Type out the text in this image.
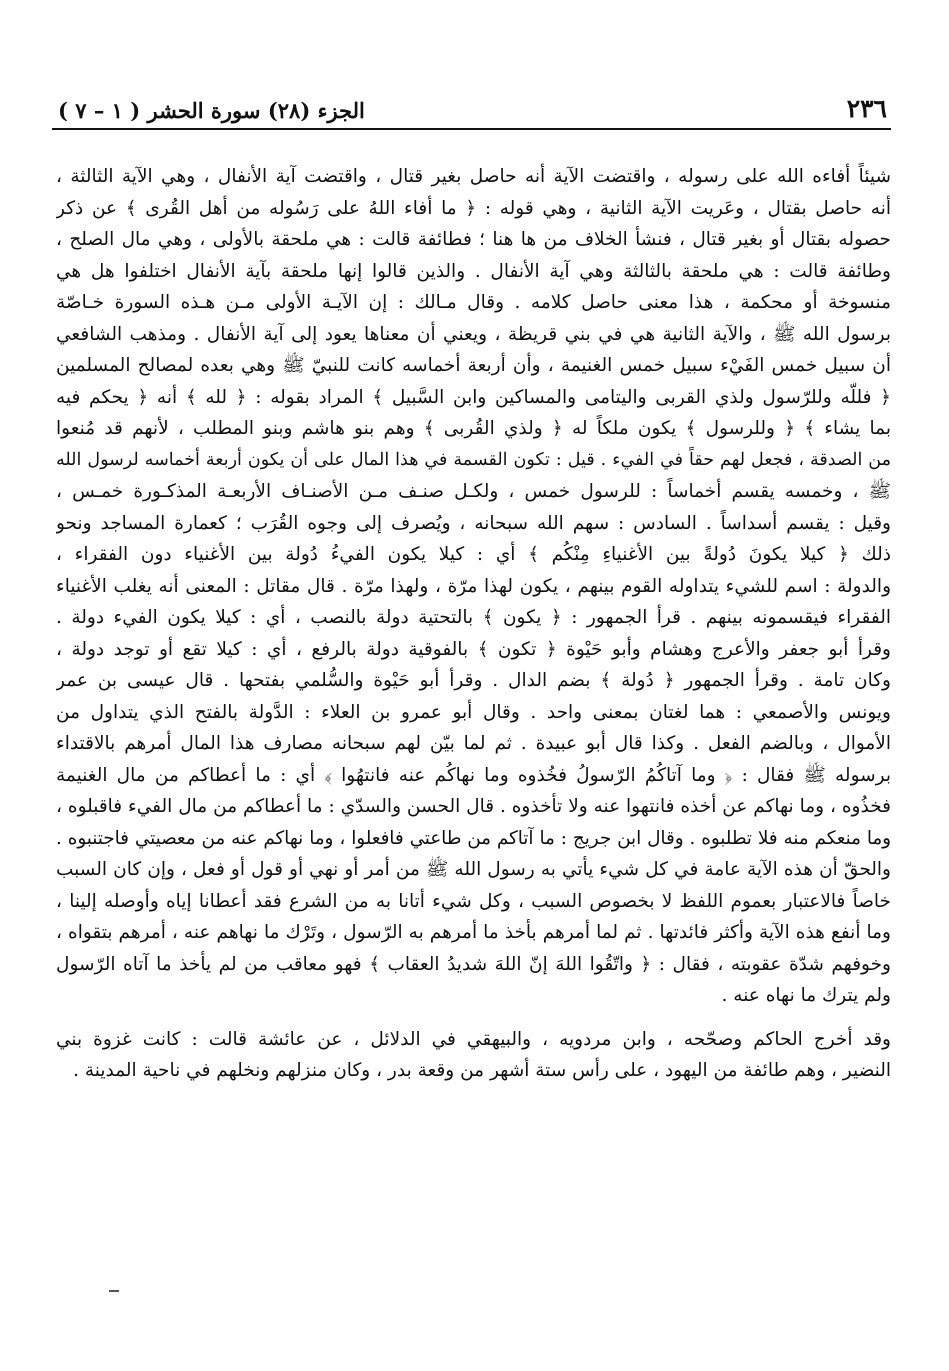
٢٣٦
الجزء (٢٨) سورة الحشر ( ١ – ٧ )
شيئاً أفاءه الله على رسوله ، واقتضت الآية أنه حاصل بغير قتال ، واقتضت آية الأنفال ، وهي الآية الثالثة ،
أنه حاصل بقتال ، وعَريت الآية الثانية ، وهي قوله : ﴿ ما أفاء اللهُ على رَسُوله من أهل القُرى ﴾ عن ذكر
حصوله بقتال أو بغير قتال ، فنشأ الخلاف من ها هنا ؛ فطائفة قالت : هي ملحقة بالأولى ، وهي مال الصلح ،
وطائفة قالت : هي ملحقة بالثالثة وهي آية الأنفال . والذين قالوا إنها ملحقة بآية الأنفال اختلفوا هل هي
منسوخة أو محكمة ، هذا معنى حاصل كلامه . وقال مـالك : إن الآيـة الأولى مـن هـذه السورة خـاصّة
برسول الله ﷺ ، والآية الثانية هي في بني قريظة ، ويعني أن معناها يعود إلى آية الأنفال . ومذهب الشافعي
أن سبيل خمس الفَيْء سبيل خمس الغنيمة ، وأن أربعة أخماسه كانت للنبيّ ﷺ وهي بعده لمصالح المسلمين
﴿ فللّه وللرّسول ولذي القربى واليتامى والمساكين وابن السَّبيل ﴾ المراد بقوله : ﴿ لله ﴾ أنه ﴿ يحكم فيه
بما يشاء ﴾ ﴿ وللرسول ﴾ يكون ملكاً له ﴿ ولذي القُربى ﴾ وهم بنو هاشم وبنو المطلب ، لأنهم قد مُنعوا
من الصدقة ، فجعل لهم حقاً في الفيء . قيل : تكون القسمة في هذا المال على أن يكون أربعة أخماسه لرسول الله
ﷺ ، وخمسه يقسم أخماساً : للرسول خمس ، ولكـل صنـف مـن الأصنـاف الأربعـة المذكـورة خمـس ،
وقيل : يقسم أسداساً . السادس : سهم الله سبحانه ، ويُصرف إلى وجوه القُرَب ؛ كعمارة المساجد ونحو
ذلك ﴿ كيلا يكونَ دُولةً بين الأغنياءِ مِنْكُم ﴾ أي : كيلا يكون الفيءُ دُولة بين الأغنياء دون الفقراء ،
والدولة : اسم للشيء يتداوله القوم بينهم ، يكون لهذا مرّة ، ولهذا مرّة . قال مقاتل : المعنى أنه يغلب الأغنياء
الفقراء فيقسمونه بينهم . قرأ الجمهور : ﴿ يكون ﴾ بالتحتية دولة بالنصب ، أي : كيلا يكون الفيء دولة .
وقرأ أبو جعفر والأعرج وهشام وأبو حَيْوة ﴿ تكون ﴾ بالفوقية دولة بالرفع ، أي : كيلا تقع أو توجد دولة ،
وكان تامة . وقرأ الجمهور ﴿ دُولة ﴾ بضم الدال . وقرأ أبو حَيْوة والسُّلمي بفتحها . قال عيسى بن عمر
ويونس والأصمعي : هما لغتان بمعنى واحد . وقال أبو عمرو بن العلاء : الدَّولة بالفتح الذي يتداول من
الأموال ، وبالضم الفعل . وكذا قال أبو عبيدة . ثم لما بيّن لهم سبحانه مصارف هذا المال أمرهم بالاقتداء
برسوله ﷺ فقال : ﴿ وما آتاكُمُ الرّسولُ فخُذوه وما نهاكُم عنه فانتهُوا ﴾ أي : ما أعطاكم من مال الغنيمة
فخذُوه ، وما نهاكم عن أخذه فانتهوا عنه ولا تأخذوه . قال الحسن والسدّي : ما أعطاكم من مال الفيء فاقبلوه ،
وما منعكم منه فلا تطلبوه . وقال ابن جريج : ما آتاكم من طاعتي فافعلوا ، وما نهاكم عنه من معصيتي فاجتنبوه .
والحقّ أن هذه الآية عامة في كل شيء يأتي به رسول الله ﷺ من أمر أو نهي أو قول أو فعل ، وإن كان السبب
خاصاً فالاعتبار بعموم اللفظ لا بخصوص السبب ، وكل شيء أتانا به من الشرع فقد أعطانا إياه وأوصله إلينا ،
وما أنفع هذه الآية وأكثر فائدتها . ثم لما أمرهم بأخذ ما أمرهم به الرّسول ، وتَرْك ما نهاهم عنه ، أمرهم بتقواه ،
وخوفهم شدّة عقوبته ، فقال : ﴿ واتّقُوا اللهَ إنّ اللهَ شديدُ العقاب ﴾ فهو معاقب من لم يأخذ ما آتاه الرّسول
ولم يترك ما نهاه عنه .
وقد أخرج الحاكم وصحّحه ، وابن مردويه ، والبيهقي في الدلائل ، عن عائشة قالت : كانت غزوة بني
النضير ، وهم طائفة من اليهود ، على رأس ستة أشهر من وقعة بدر ، وكان منزلهم ونخلهم في ناحية المدينة .
